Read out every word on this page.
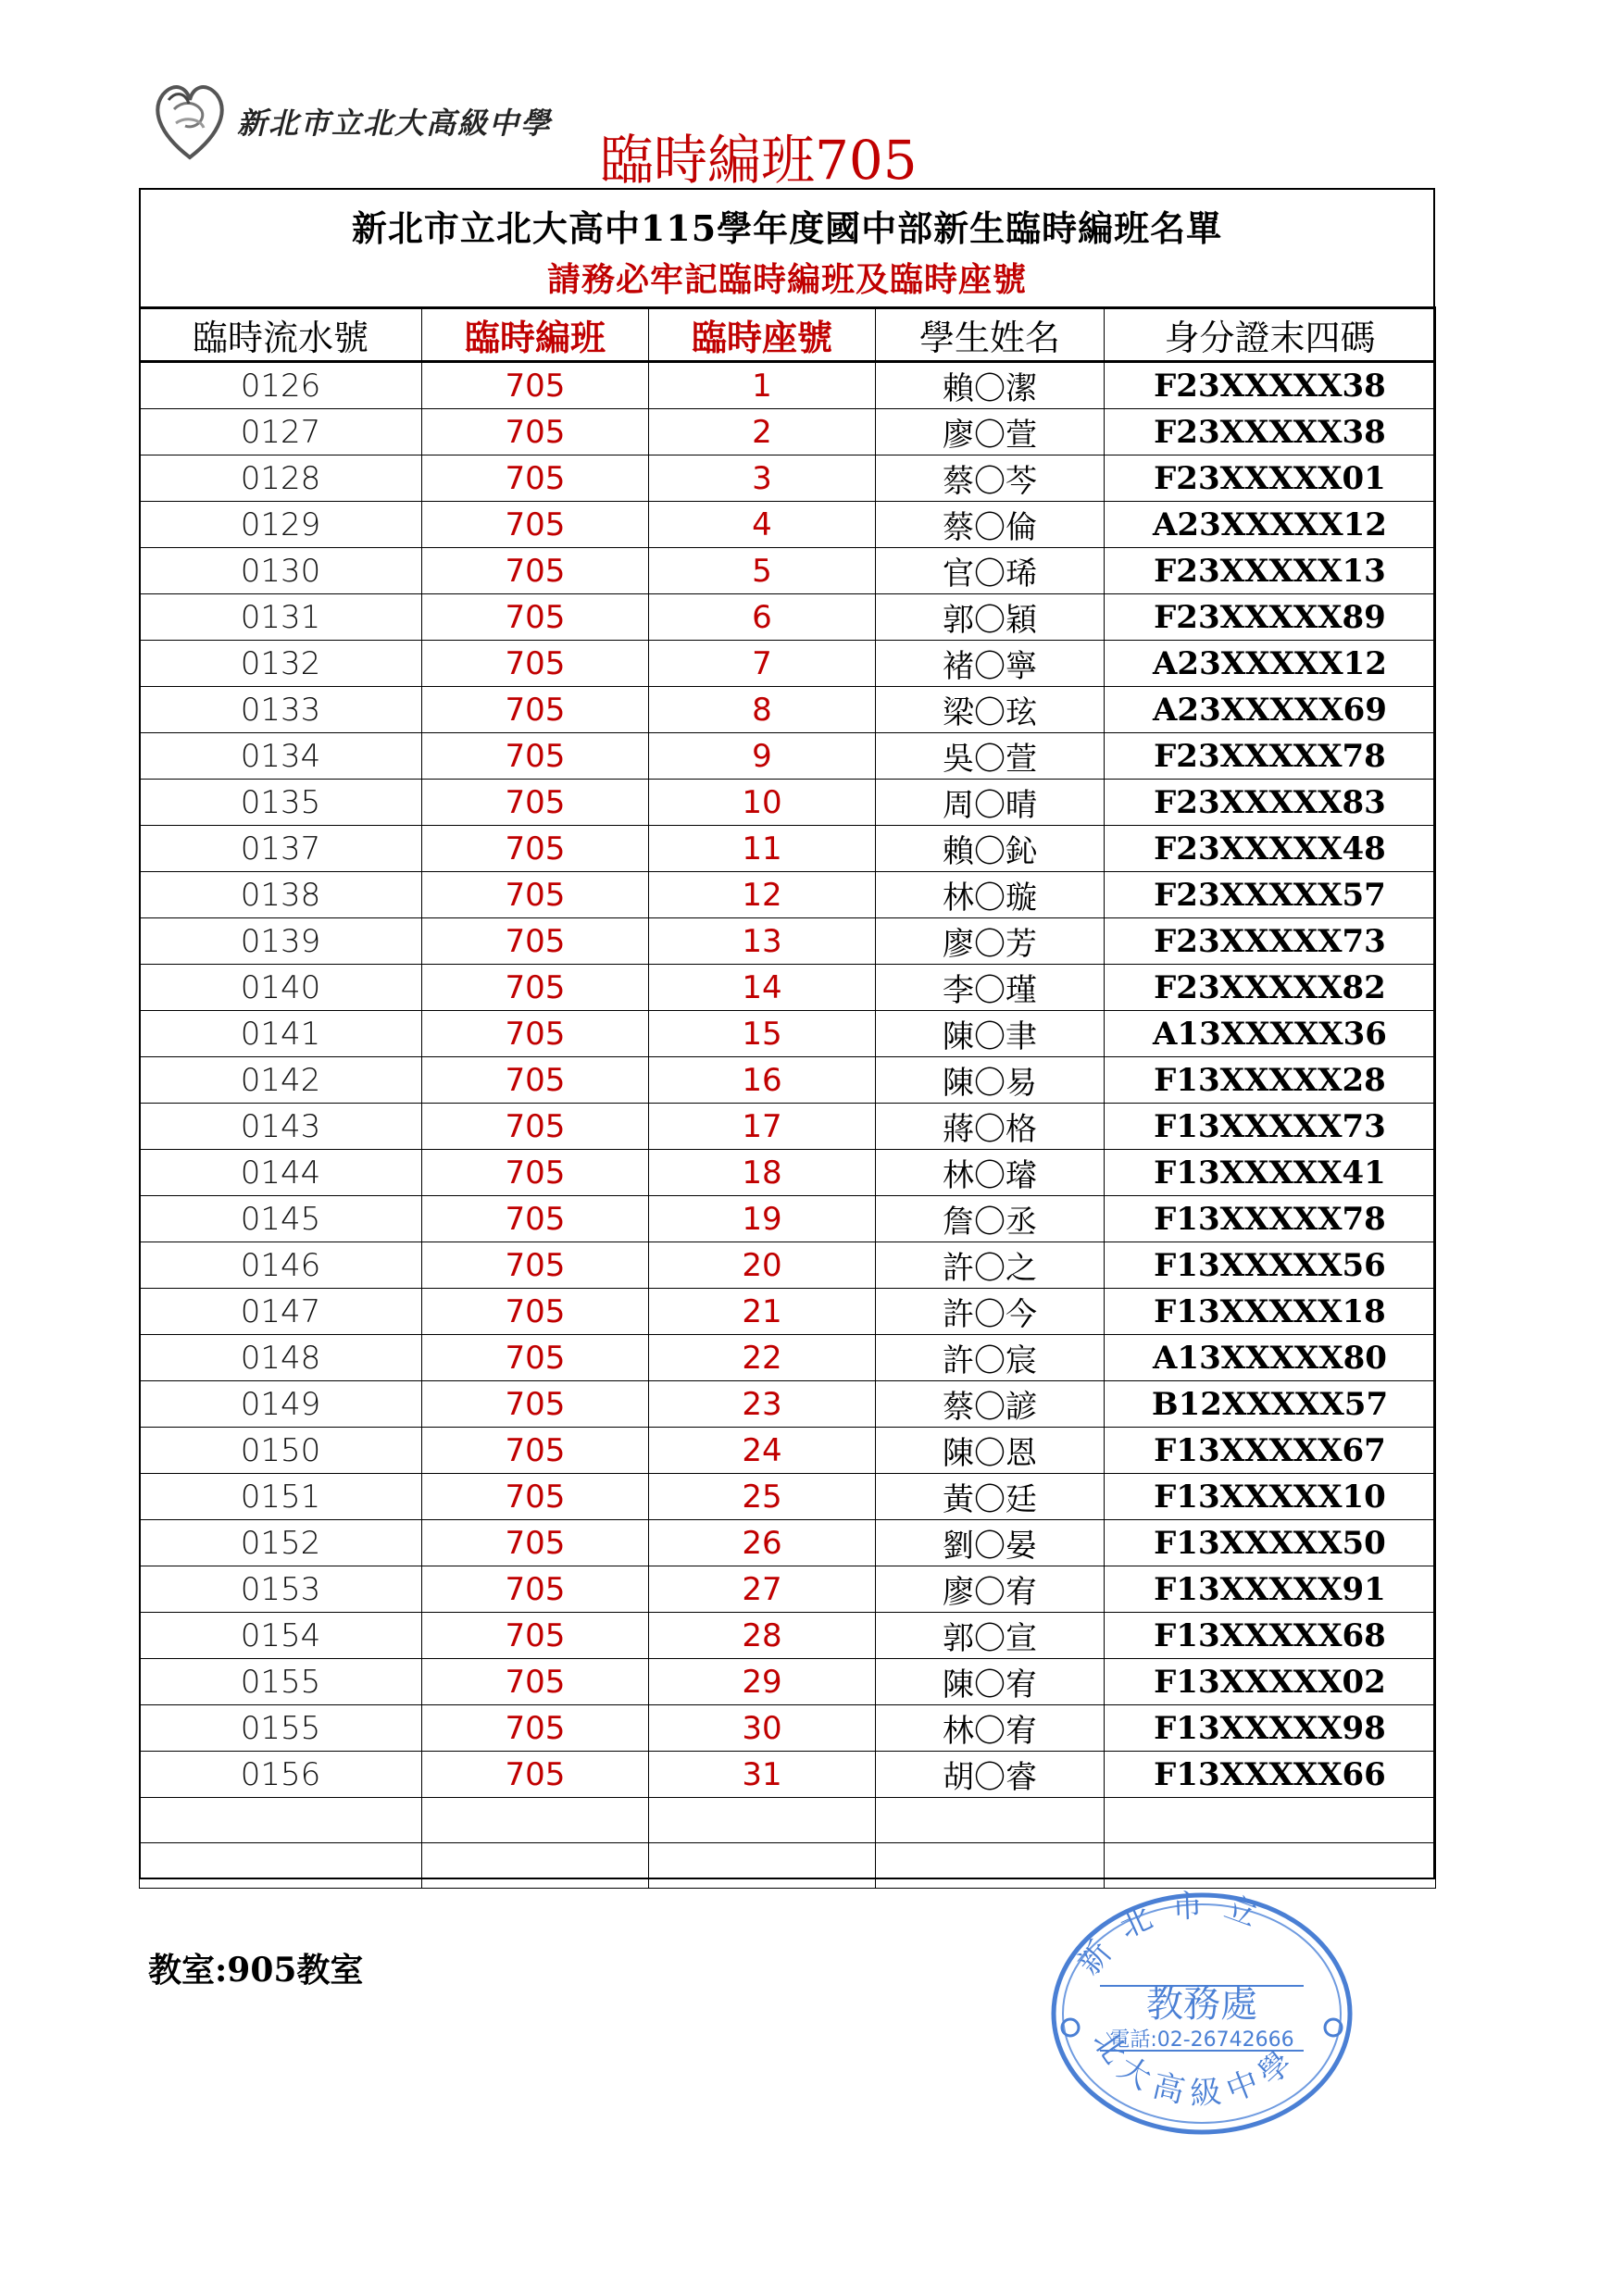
新北市立北大高級中學
臨時編班705
新北市立北大高中115學年度國中部新生臨時編班名單
請務必牢記臨時編班及臨時座號
臨時流水號	臨時編班	臨時座號	學生姓名	身分證末四碼
0126	705	1	賴〇潔	F23XXXXX38
0127	705	2	廖〇萱	F23XXXXX38
0128	705	3	蔡〇芩	F23XXXXX01
0129	705	4	蔡〇倫	A23XXXXX12
0130	705	5	官〇琋	F23XXXXX13
0131	705	6	郭〇穎	F23XXXXX89
0132	705	7	褚〇寧	A23XXXXX12
0133	705	8	梁〇玹	A23XXXXX69
0134	705	9	吳〇萱	F23XXXXX78
0135	705	10	周〇晴	F23XXXXX83
0137	705	11	賴〇鈊	F23XXXXX48
0138	705	12	林〇璇	F23XXXXX57
0139	705	13	廖〇芳	F23XXXXX73
0140	705	14	李〇瑾	F23XXXXX82
0141	705	15	陳〇聿	A13XXXXX36
0142	705	16	陳〇易	F13XXXXX28
0143	705	17	蔣〇格	F13XXXXX73
0144	705	18	林〇璿	F13XXXXX41
0145	705	19	詹〇丞	F13XXXXX78
0146	705	20	許〇之	F13XXXXX56
0147	705	21	許〇今	F13XXXXX18
0148	705	22	許〇宸	A13XXXXX80
0149	705	23	蔡〇諺	B12XXXXX57
0150	705	24	陳〇恩	F13XXXXX67
0151	705	25	黃〇廷	F13XXXXX10
0152	705	26	劉〇晏	F13XXXXX50
0153	705	27	廖〇宥	F13XXXXX91
0154	705	28	郭〇宣	F13XXXXX68
0155	705	29	陳〇宥	F13XXXXX02
0155	705	30	林〇宥	F13XXXXX98
0156	705	31	胡〇睿	F13XXXXX66

教室:905教室	新北市立
北大高級中學
教務處
電話:02-26742666
